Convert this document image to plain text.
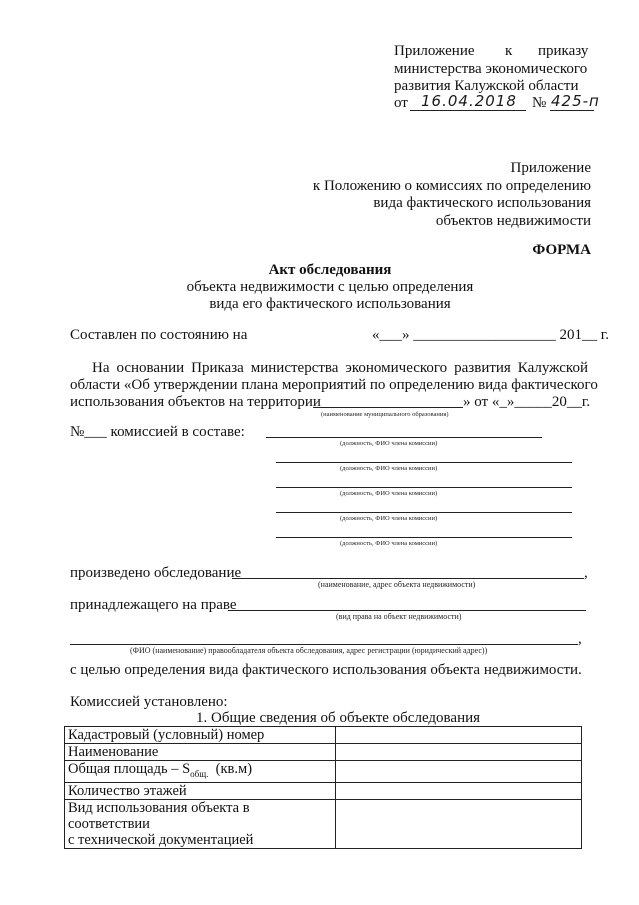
Приложение к приказу
министерства экономического
развития Калужской области
от 16.04.2018 № 425-п
Приложение
к Положению о комиссиях по определению
вида фактического использования
объектов недвижимости
ФОРМА
Акт обследования
объекта недвижимости с целью определения
вида его фактического использования
Составлен по состоянию на	«___» ___________________ 201__ г.
На основании Приказа министерства экономического развития Калужской
области «Об утверждении плана мероприятий по определению вида фактического
использования объектов на территории	» от «_»_____20__г.
(наименование муниципального образования)
№___ комиссией в составе:
(должность, ФИО члена комиссии)
(должность, ФИО члена комиссии)
(должность, ФИО члена комиссии)
(должность, ФИО члена комиссии)
(должность, ФИО члена комиссии)
произведено обследование	,
(наименование, адрес объекта недвижимости)
принадлежащего на праве
(вид права на объект недвижимости)
,
(ФИО (наименование) правообладателя объекта обследования, адрес регистрации (юридический адрес))
с целью определения вида фактического использования объекта недвижимости.
Комиссией установлено:
1. Общие сведения об объекте обследования
Кадастровый (условный) номер	
Наименование	
Общая площадь – $S_{общ.}$ (кв.м)	
Количество этажей	

Вид использования объекта в соответствии
с технической документацией	
